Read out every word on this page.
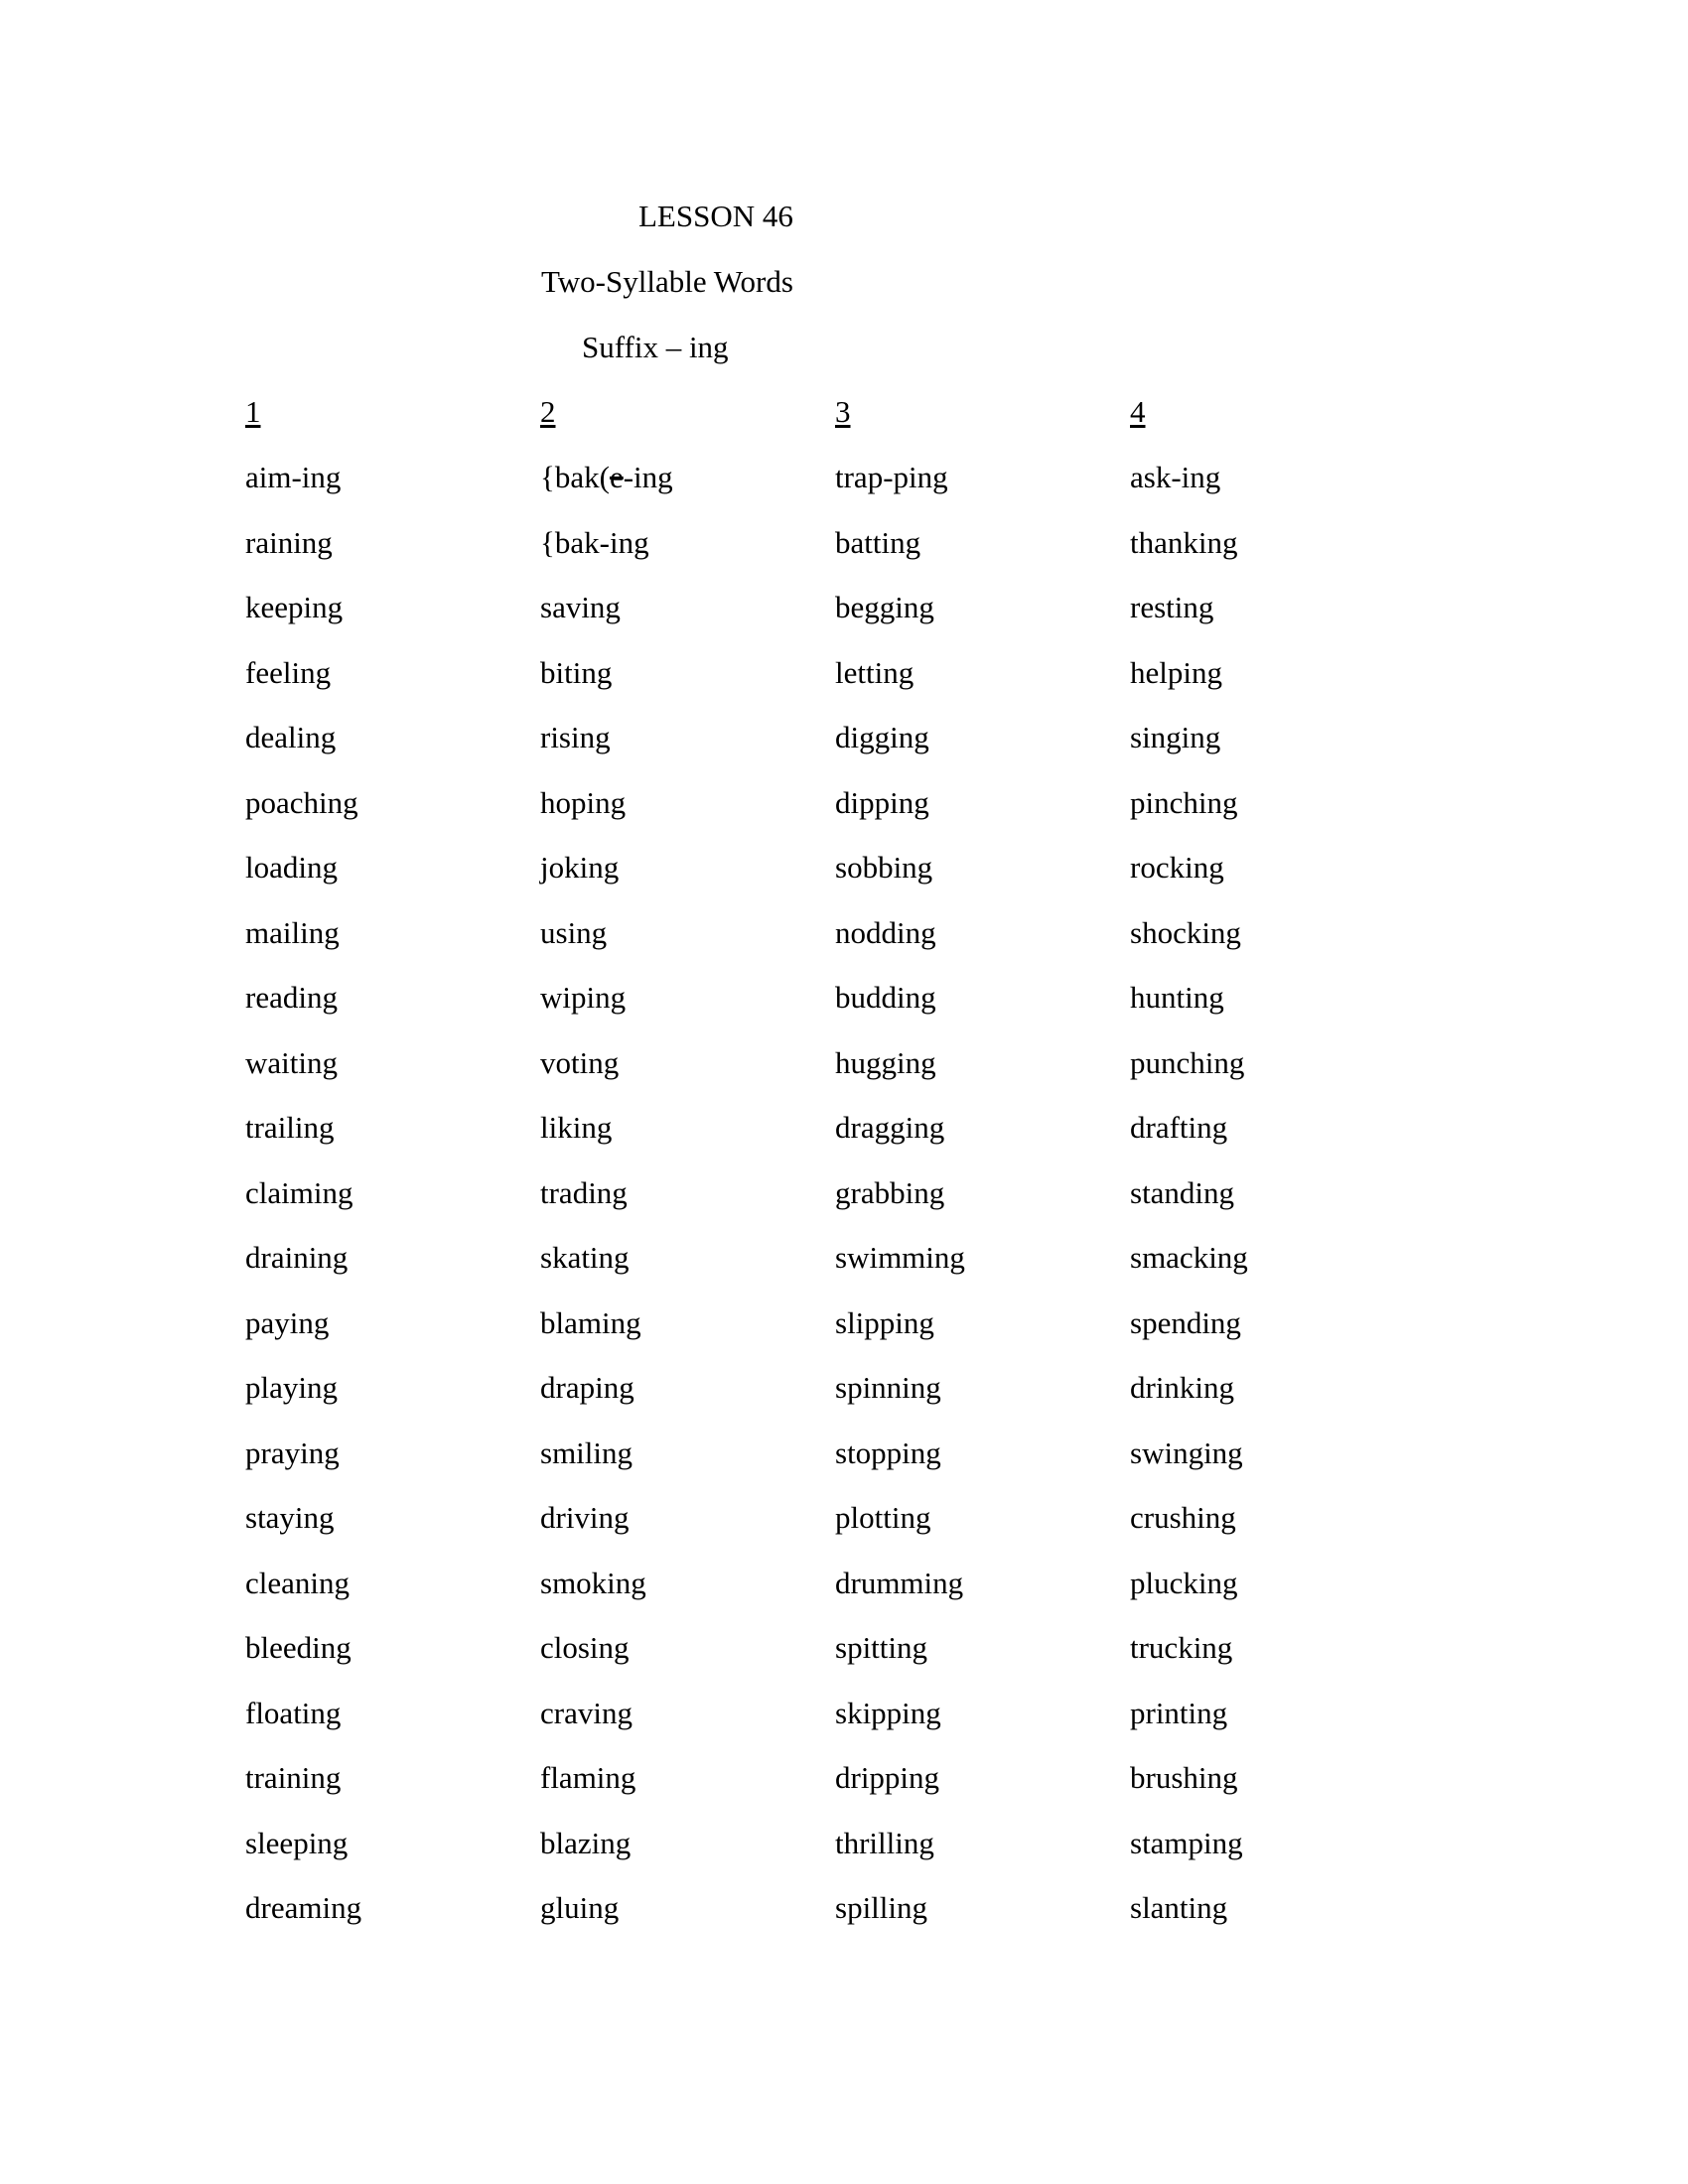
LESSON 46
Two-Syllable Words
Suffix – ing
1
aim-ing
raining
keeping
feeling
dealing
poaching
loading
mailing
reading
waiting
trailing
claiming
draining
paying
playing
praying
staying
cleaning
bleeding
floating
training
sleeping
dreaming
2
{bak(e-ing
{bak-ing
saving
biting
rising
hoping
joking
using
wiping
voting
liking
trading
skating
blaming
draping
smiling
driving
smoking
closing
craving
flaming
blazing
gluing
3
trap-ping
batting
begging
letting
digging
dipping
sobbing
nodding
budding
hugging
dragging
grabbing
swimming
slipping
spinning
stopping
plotting
drumming
spitting
skipping
dripping
thrilling
spilling
4
ask-ing
thanking
resting
helping
singing
pinching
rocking
shocking
hunting
punching
drafting
standing
smacking
spending
drinking
swinging
crushing
plucking
trucking
printing
brushing
stamping
slanting
